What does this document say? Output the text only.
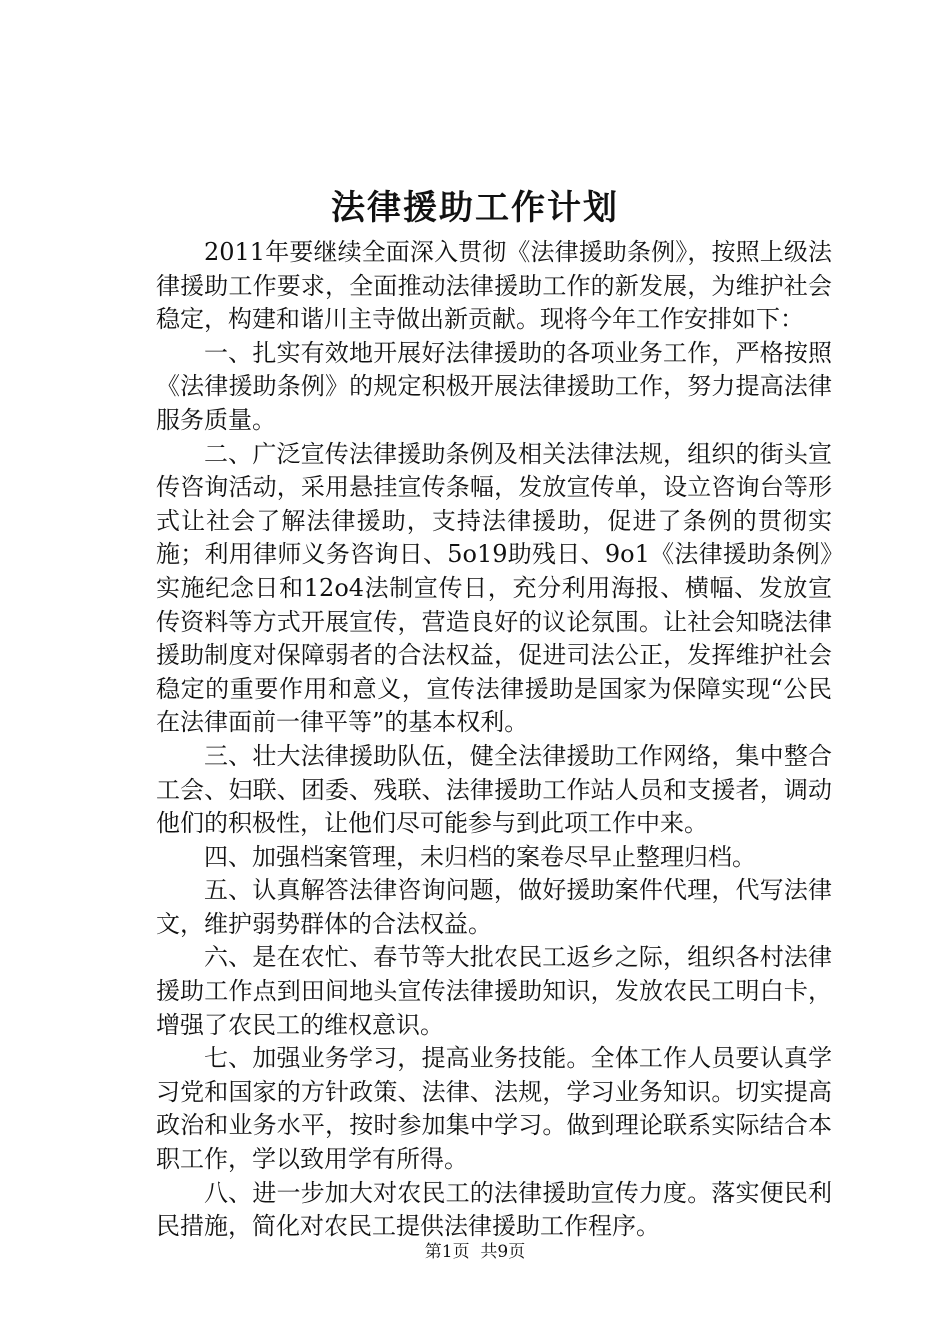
法律援助工作计划

2011年要继续全面深入贯彻《法律援助条例》，按照上级法律援助工作要求，全面推动法律援助工作的新发展，为维护社会稳定，构建和谐川主寺做出新贡献。现将今年工作安排如下：

一、扎实有效地开展好法律援助的各项业务工作，严格按照《法律援助条例》的规定积极开展法律援助工作，努力提高法律服务质量。

二、广泛宣传法律援助条例及相关法律法规，组织的街头宣传咨询活动，采用悬挂宣传条幅，发放宣传单，设立咨询台等形式让社会了解法律援助，支持法律援助，促进了条例的贯彻实施；利用律师义务咨询日、5o19助残日、9o1《法律援助条例》实施纪念日和12o4法制宣传日，充分利用海报、横幅、发放宣传资料等方式开展宣传，营造良好的议论氛围。让社会知晓法律援助制度对保障弱者的合法权益，促进司法公正，发挥维护社会稳定的重要作用和意义，宣传法律援助是国家为保障实现“公民在法律面前一律平等”的基本权利。

三、壮大法律援助队伍，健全法律援助工作网络，集中整合工会、妇联、团委、残联、法律援助工作站人员和支援者，调动他们的积极性，让他们尽可能参与到此项工作中来。

四、加强档案管理，未归档的案卷尽早止整理归档。

五、认真解答法律咨询问题，做好援助案件代理，代写法律文，维护弱势群体的合法权益。

六、是在农忙、春节等大批农民工返乡之际，组织各村法律援助工作点到田间地头宣传法律援助知识，发放农民工明白卡，增强了农民工的维权意识。

七、加强业务学习，提高业务技能。全体工作人员要认真学习党和国家的方针政策、法律、法规，学习业务知识。切实提高政治和业务水平，按时参加集中学习。做到理论联系实际结合本职工作，学以致用学有所得。

八、进一步加大对农民工的法律援助宣传力度。落实便民利民措施，简化对农民工提供法律援助工作程序。

第1页 共9页
